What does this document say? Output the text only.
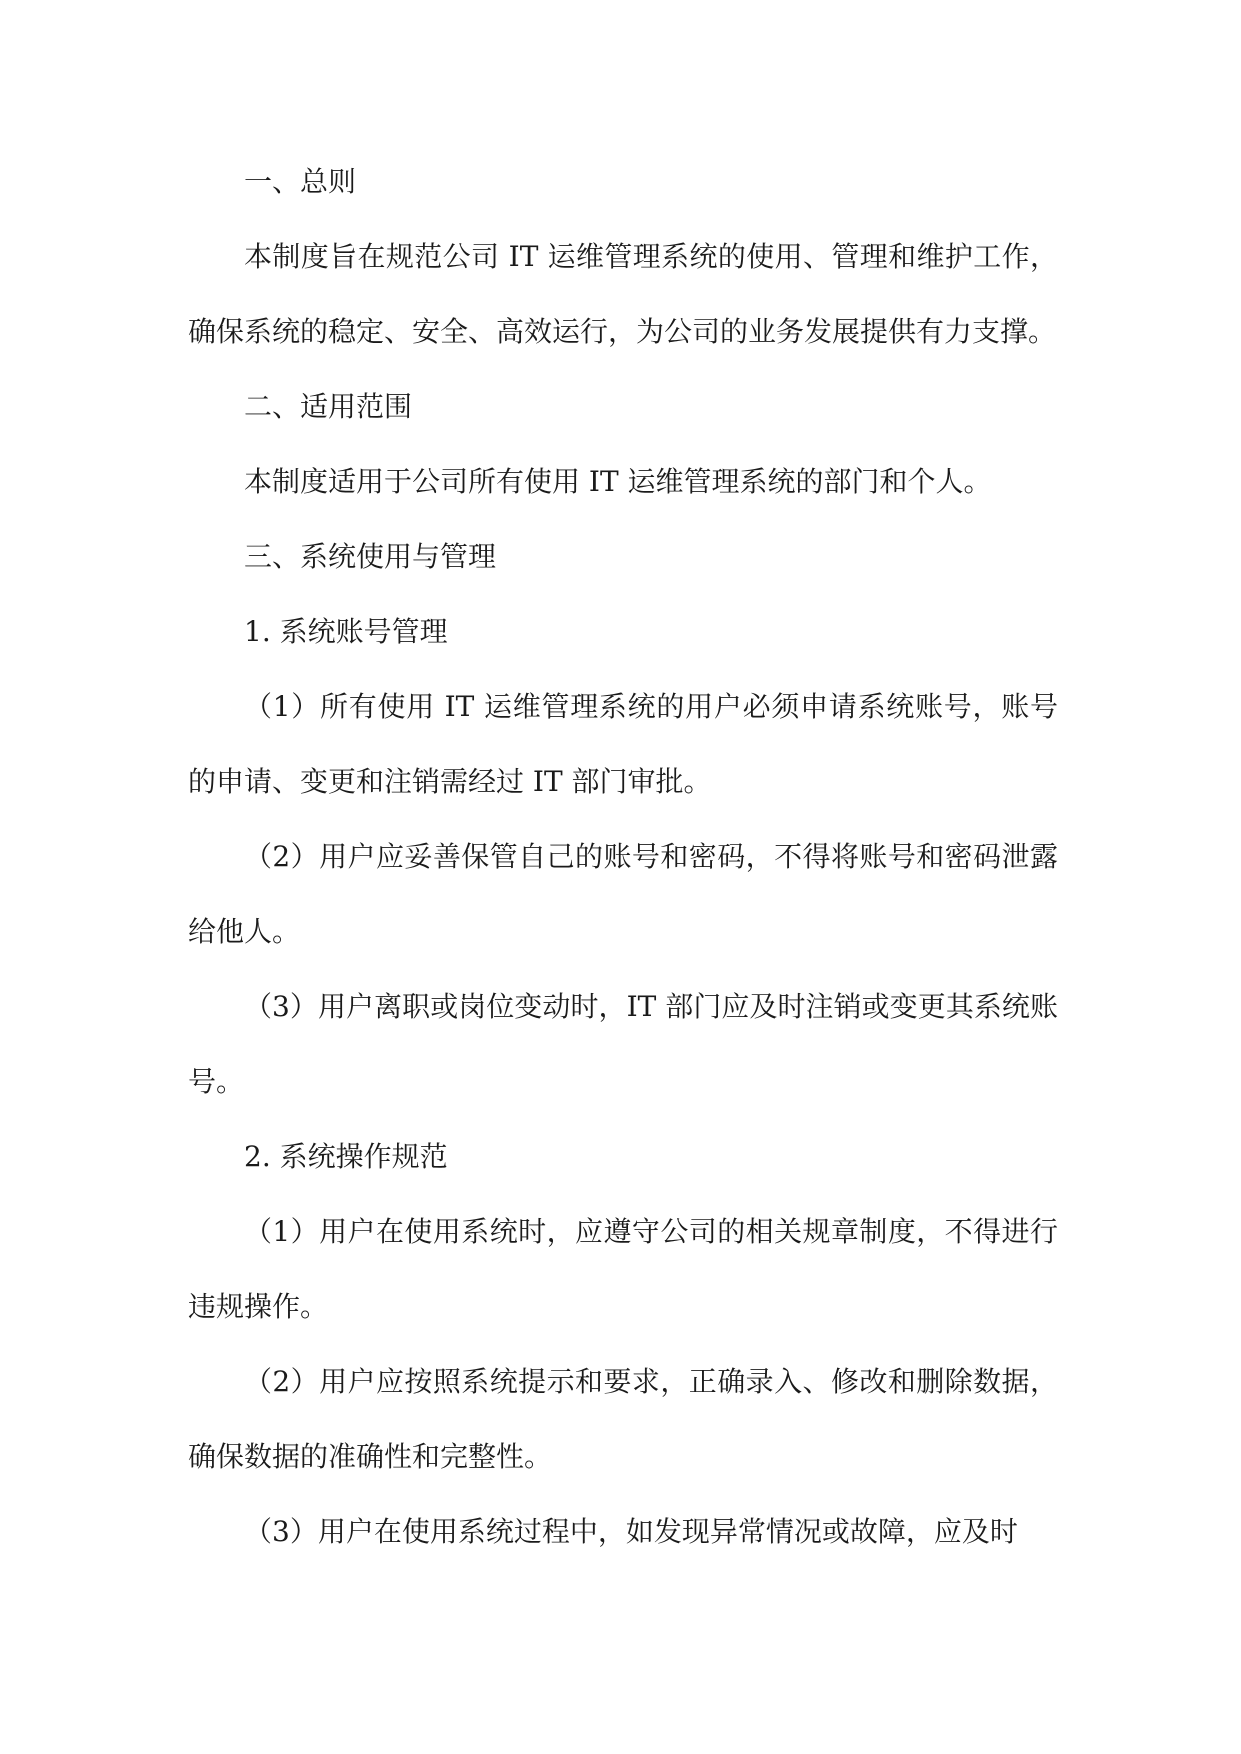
一、总则

本制度旨在规范公司 IT 运维管理系统的使用、管理和维护工作，确保系统的稳定、安全、高效运行，为公司的业务发展提供有力支撑。

二、适用范围

本制度适用于公司所有使用 IT 运维管理系统的部门和个人。

三、系统使用与管理

1. 系统账号管理

（1）所有使用 IT 运维管理系统的用户必须申请系统账号，账号的申请、变更和注销需经过 IT 部门审批。

（2）用户应妥善保管自己的账号和密码，不得将账号和密码泄露给他人。

（3）用户离职或岗位变动时，IT 部门应及时注销或变更其系统账号。

2. 系统操作规范

（1）用户在使用系统时，应遵守公司的相关规章制度，不得进行违规操作。

（2）用户应按照系统提示和要求，正确录入、修改和删除数据，确保数据的准确性和完整性。

（3）用户在使用系统过程中，如发现异常情况或故障，应及时
